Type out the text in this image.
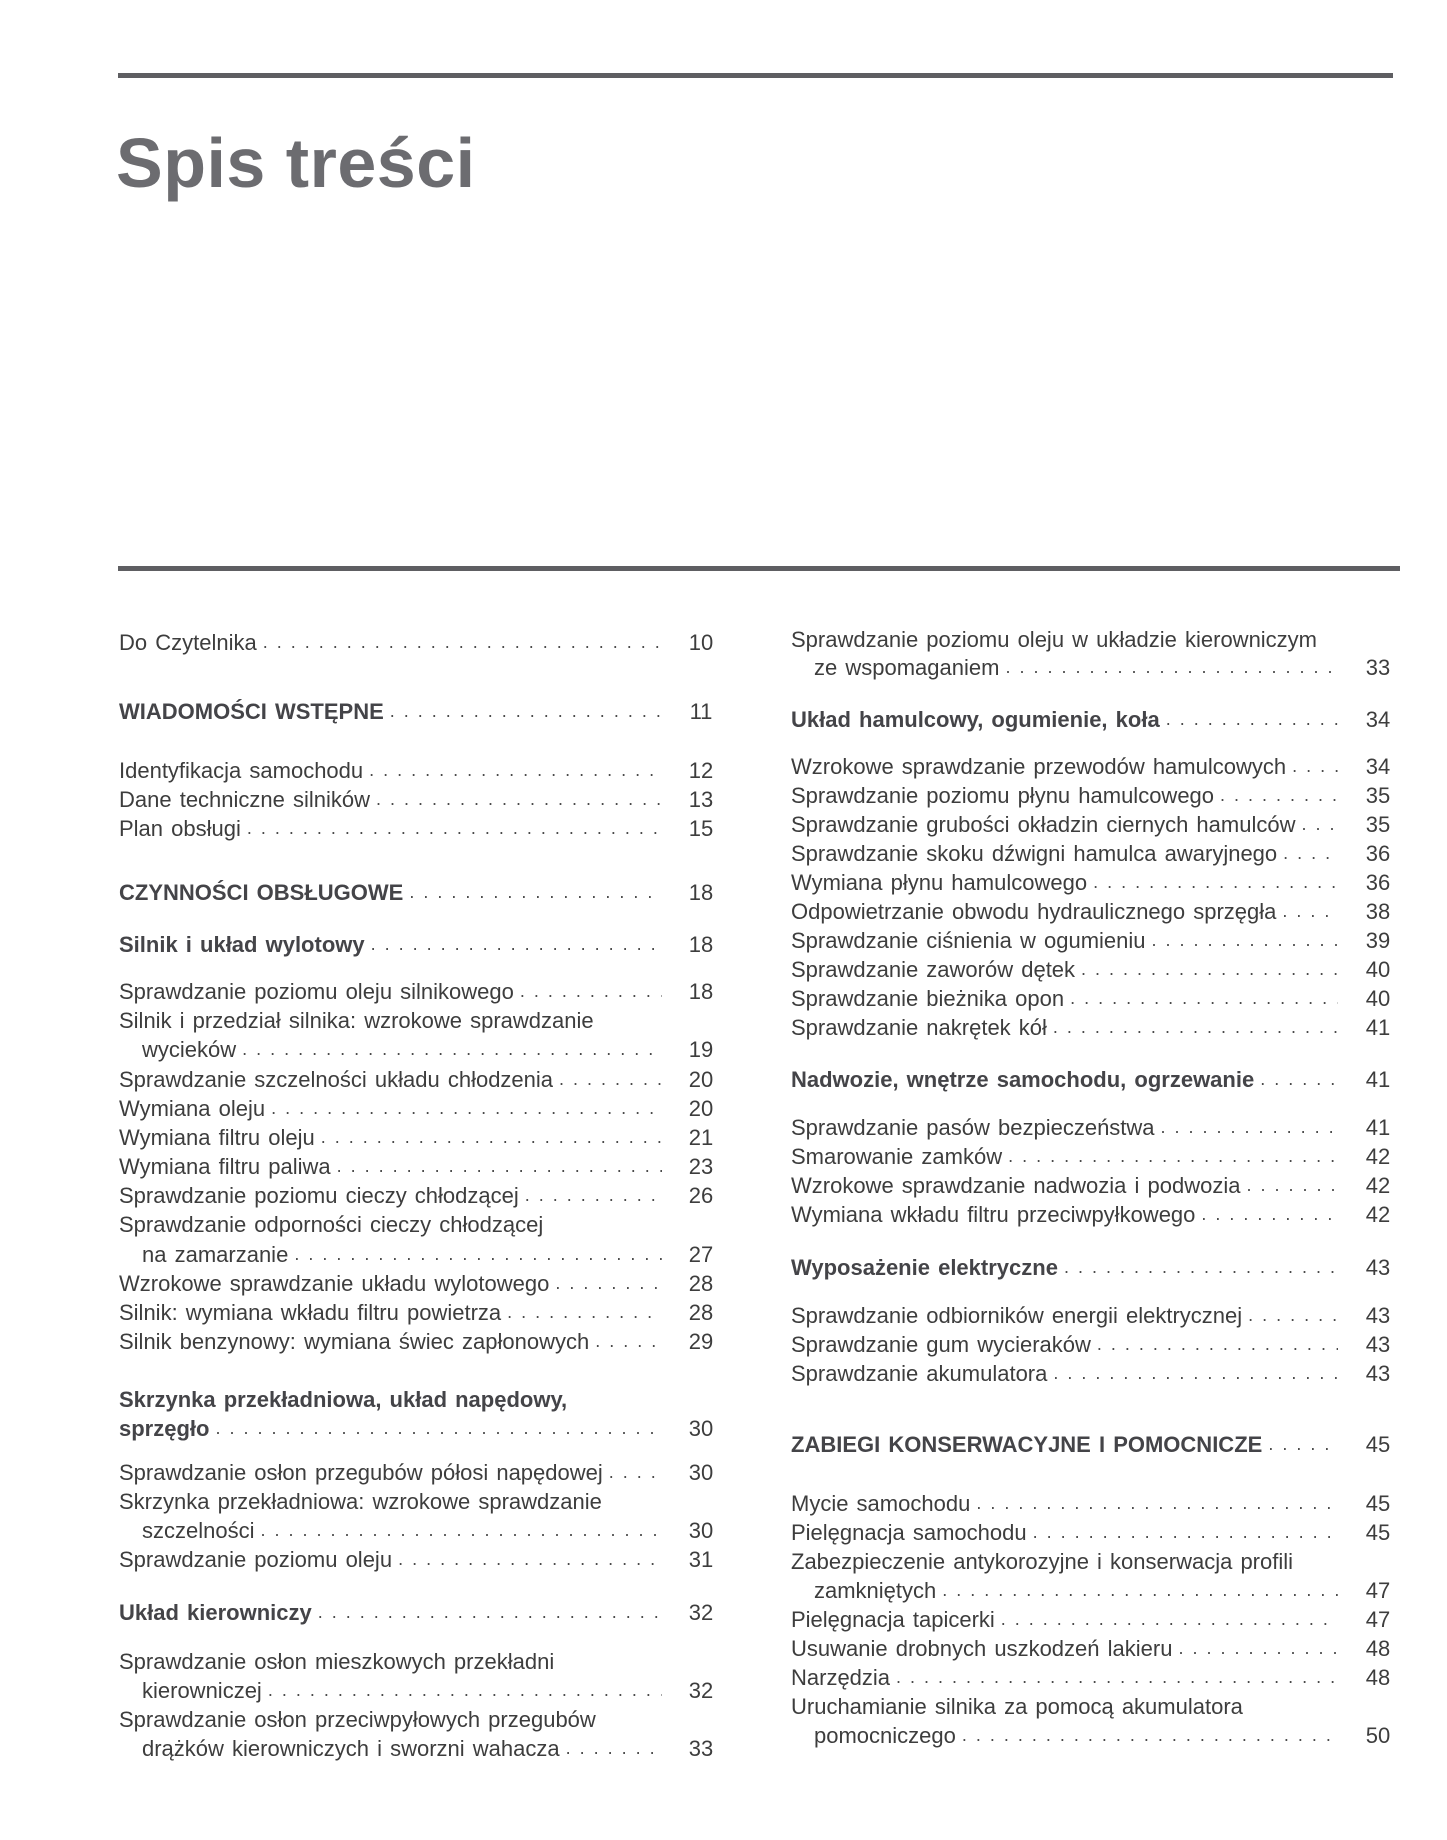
Spis treści
Do Czytelnika . . .	10
WIADOMOŚCI WSTĘPNE . . .	11
Identyfikacja samochodu . . .	12
Dane techniczne silników . . .	13
Plan obsługi . . .	15
CZYNNOŚCI OBSŁUGOWE . . .	18
Silnik i układ wylotowy . . .	18
Sprawdzanie poziomu oleju silnikowego . . .	18
Silnik i przedział silnika: wzrokowe sprawdzanie
wycieków . . .	19
Sprawdzanie szczelności układu chłodzenia . . .	20
Wymiana oleju . . .	20
Wymiana filtru oleju . . .	21
Wymiana filtru paliwa . . .	23
Sprawdzanie poziomu cieczy chłodzącej . . .	26
Sprawdzanie odporności cieczy chłodzącej
na zamarzanie . . .	27
Wzrokowe sprawdzanie układu wylotowego . . .	28
Silnik: wymiana wkładu filtru powietrza . . .	28
Silnik benzynowy: wymiana świec zapłonowych . . .	29
Skrzynka przekładniowa, układ napędowy,
sprzęgło . . .	30
Sprawdzanie osłon przegubów półosi napędowej . . .	30
Skrzynka przekładniowa: wzrokowe sprawdzanie
szczelności . . .	30
Sprawdzanie poziomu oleju . . .	31
Układ kierowniczy . . .	32
Sprawdzanie osłon mieszkowych przekładni
kierowniczej . . .	32
Sprawdzanie osłon przeciwpyłowych przegubów
drążków kierowniczych i sworzni wahacza . . .	33
Sprawdzanie poziomu oleju w układzie kierowniczym
ze wspomaganiem . . .	33
Układ hamulcowy, ogumienie, koła . . .	34
Wzrokowe sprawdzanie przewodów hamulcowych . . .	34
Sprawdzanie poziomu płynu hamulcowego . . .	35
Sprawdzanie grubości okładzin ciernych hamulców . . .	35
Sprawdzanie skoku dźwigni hamulca awaryjnego . . .	36
Wymiana płynu hamulcowego . . .	36
Odpowietrzanie obwodu hydraulicznego sprzęgła . . .	38
Sprawdzanie ciśnienia w ogumieniu . . .	39
Sprawdzanie zaworów dętek . . .	40
Sprawdzanie bieżnika opon . . .	40
Sprawdzanie nakrętek kół . . .	41
Nadwozie, wnętrze samochodu, ogrzewanie . . .	41
Sprawdzanie pasów bezpieczeństwa . . .	41
Smarowanie zamków . . .	42
Wzrokowe sprawdzanie nadwozia i podwozia . . .	42
Wymiana wkładu filtru przeciwpyłkowego . . .	42
Wyposażenie elektryczne . . .	43
Sprawdzanie odbiorników energii elektrycznej . . .	43
Sprawdzanie gum wycieraków . . .	43
Sprawdzanie akumulatora . . .	43
ZABIEGI KONSERWACYJNE I POMOCNICZE . . .	45
Mycie samochodu . . .	45
Pielęgnacja samochodu . . .	45
Zabezpieczenie antykorozyjne i konserwacja profili
zamkniętych . . .	47
Pielęgnacja tapicerki . . .	47
Usuwanie drobnych uszkodzeń lakieru . . .	48
Narzędzia . . .	48
Uruchamianie silnika za pomocą akumulatora
pomocniczego . . .	50
